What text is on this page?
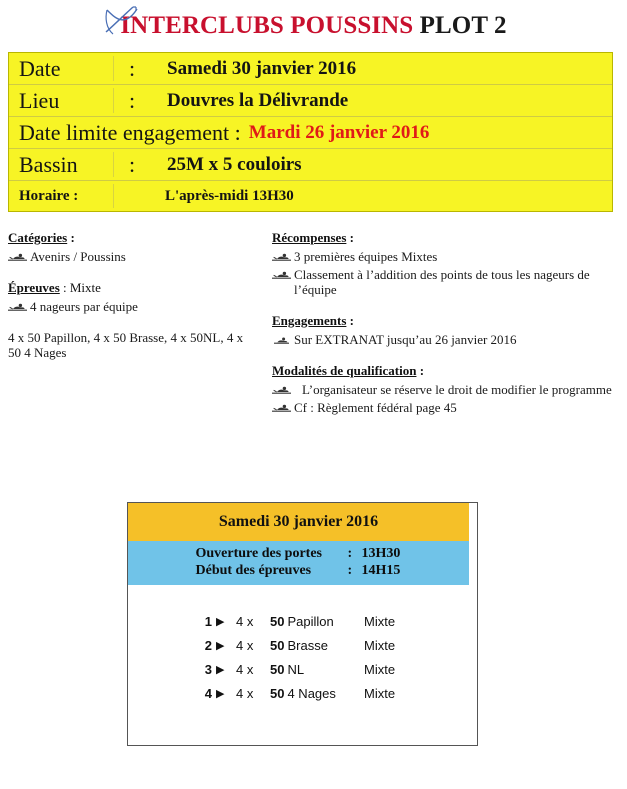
INTERCLUBS POUSSINS PLOT 2
Date	:	Samedi 30 janvier 2016
Lieu	:	Douvres la Délivrande
Date limite engagement : Mardi 26 janvier 2016
Bassin	:	25M x 5 couloirs
Horaire :	L'après-midi 13H30

Catégories :

Avenirs / Poussins

Épreuves : Mixte

4 nageurs par équipe

4 x 50 Papillon, 4 x 50 Brasse, 4 x 50NL, 4 x 50 4 Nages

Récompenses :

3 premières équipes Mixtes
Classement à l’addition des points de tous les nageurs de l’équipe

Engagements :

Sur EXTRANAT jusqu’au 26 janvier 2016

Modalités de qualification :

L’organisateur se réserve le droit de modifier le programme
Cf : Règlement fédéral page 45
Samedi 30 janvier 2016
Ouverture des portes	: 13H30
Début des épreuves	: 14H15
1 ▶ 4 x	50 Papillon	Mixte
2 ▶ 4 x	50 Brasse	Mixte
3 ▶ 4 x	50 NL	Mixte
4 ▶ 4 x	50 4 Nages	Mixte
